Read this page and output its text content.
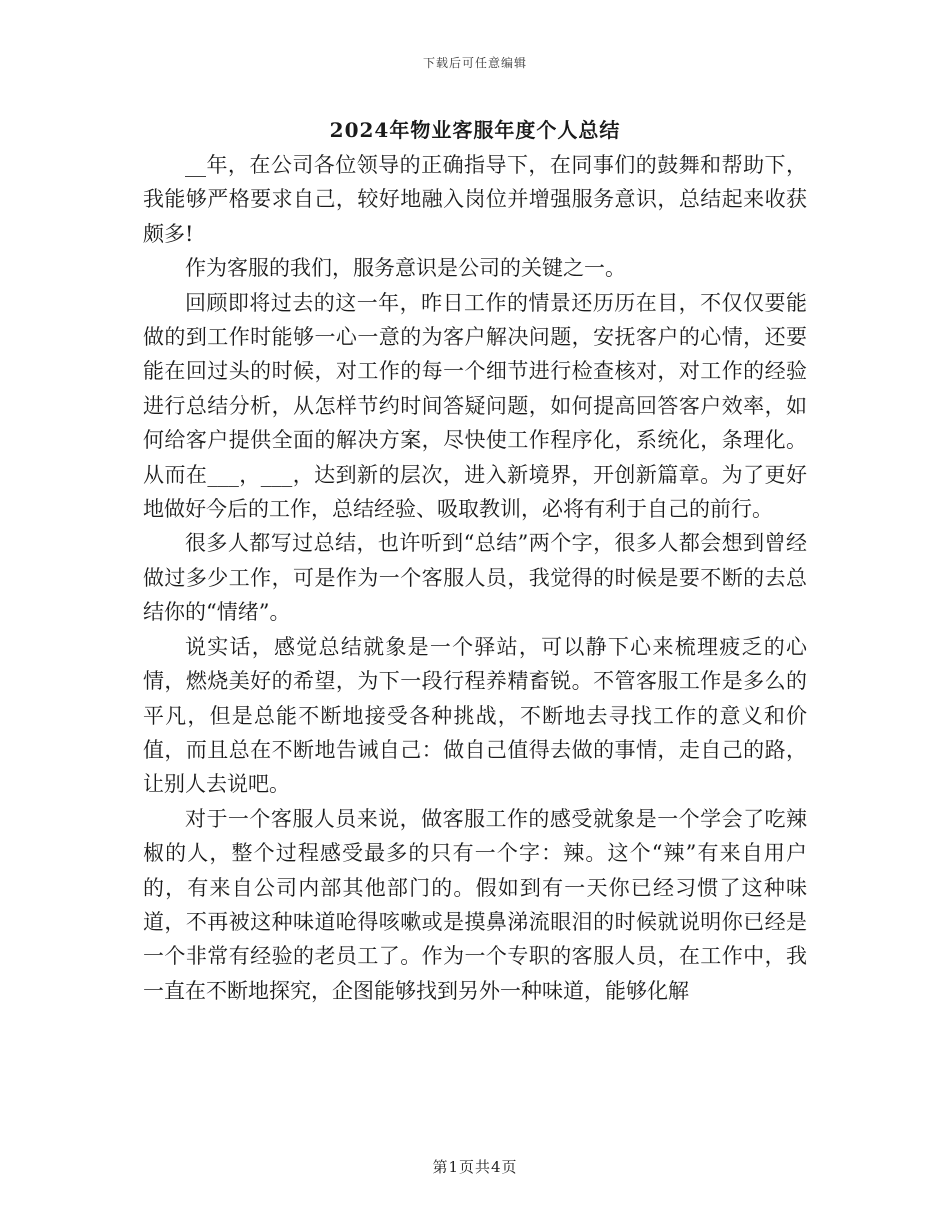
下载后可任意编辑
2024年物业客服年度个人总结

__年，在公司各位领导的正确指导下，在同事们的鼓舞和帮助下，我能够严格要求自己，较好地融入岗位并增强服务意识，总结起来收获颇多!

作为客服的我们，服务意识是公司的关键之一。

回顾即将过去的这一年，昨日工作的情景还历历在目，不仅仅要能做的到工作时能够一心一意的为客户解决问题，安抚客户的心情，还要能在回过头的时候，对工作的每一个细节进行检查核对，对工作的经验进行总结分析，从怎样节约时间答疑问题，如何提高回答客户效率，如何给客户提供全面的解决方案，尽快使工作程序化，系统化，条理化。从而在___，___，达到新的层次，进入新境界，开创新篇章。为了更好地做好今后的工作，总结经验、吸取教训，必将有利于自己的前行。

很多人都写过总结，也许听到“总结”两个字，很多人都会想到曾经做过多少工作，可是作为一个客服人员，我觉得的时候是要不断的去总结你的“情绪”。

说实话，感觉总结就象是一个驿站，可以静下心来梳理疲乏的心情，燃烧美好的希望，为下一段行程养精畜锐。不管客服工作是多么的平凡，但是总能不断地接受各种挑战，不断地去寻找工作的意义和价值，而且总在不断地告诫自己：做自己值得去做的事情，走自己的路，让别人去说吧。

对于一个客服人员来说，做客服工作的感受就象是一个学会了吃辣椒的人，整个过程感受最多的只有一个字：辣。这个“辣”有来自用户的，有来自公司内部其他部门的。假如到有一天你已经习惯了这种味道，不再被这种味道呛得咳嗽或是摸鼻涕流眼泪的时候就说明你已经是一个非常有经验的老员工了。作为一个专职的客服人员，在工作中，我一直在不断地探究，企图能够找到另外一种味道，能够化解

第1页共4页
